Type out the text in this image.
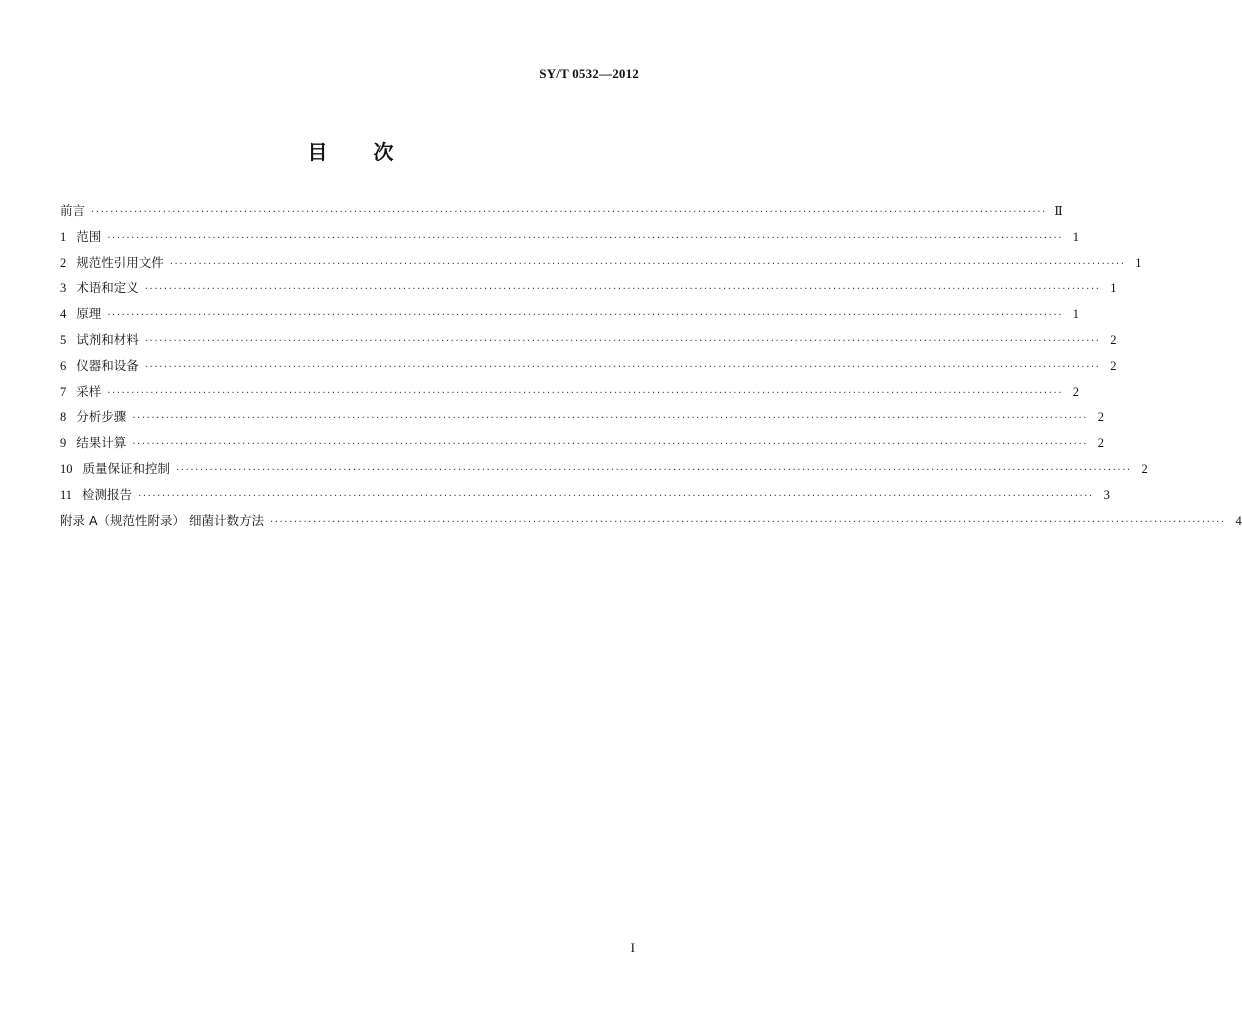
SY/T 0532—2012
目 次
前言 ········································································································································································································ Ⅱ
1 范围 ········································································································································································································ 1
2 规范性引用文件 ········································································································································································································ 1
3 术语和定义 ········································································································································································································ 1
4 原理 ········································································································································································································ 1
5 试剂和材料 ········································································································································································································ 2
6 仪器和设备 ········································································································································································································ 2
7 采样 ········································································································································································································ 2
8 分析步骤 ········································································································································································································ 2
9 结果计算 ········································································································································································································ 2
10 质量保证和控制 ········································································································································································································ 2
11 检测报告 ········································································································································································································ 3
附录 A（规范性附录） 细菌计数方法 ········································································································································································································ 4
I
